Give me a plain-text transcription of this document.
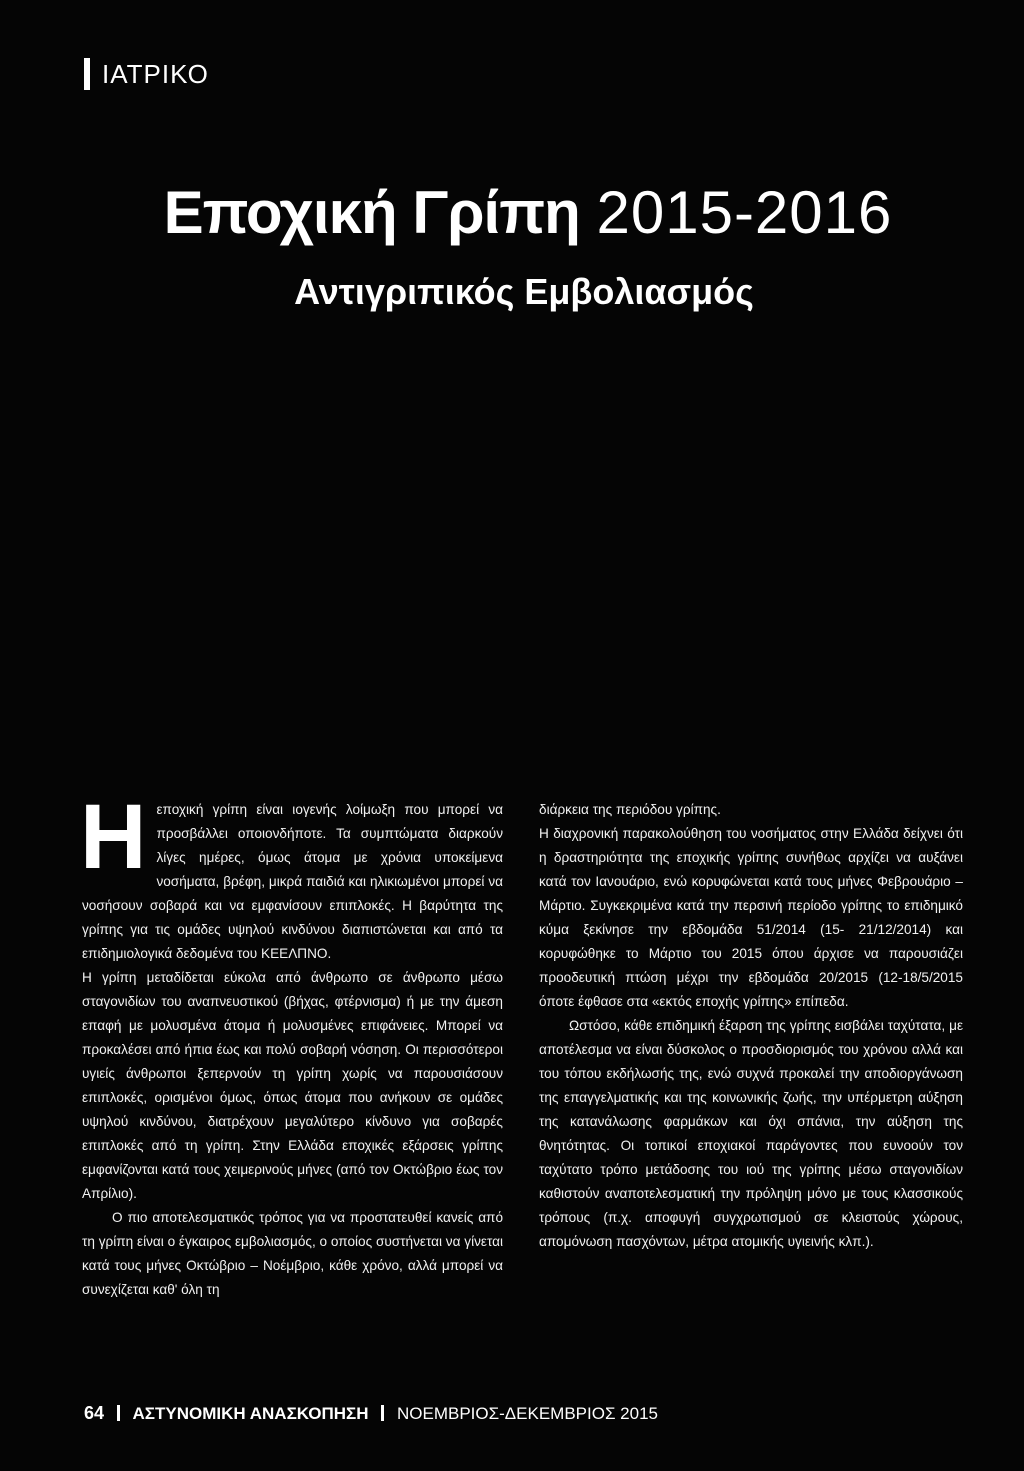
ΙΑΤΡΙΚΟ
Εποχική Γρίπη 2015-2016
Αντιγριπικός Εμβολιασμός
Η εποχική γρίπη είναι ιογενής λοίμωξη που μπορεί να προσβάλλει οποιονδήποτε. Τα συμπτώματα διαρκούν λίγες ημέρες, όμως άτομα με χρόνια υποκείμενα νοσήματα, βρέφη, μικρά παιδιά και ηλικιωμένοι μπορεί να νοσήσουν σοβαρά και να εμφανίσουν επιπλοκές. Η βαρύτητα της γρίπης για τις ομάδες υψηλού κινδύνου διαπιστώνεται και από τα επιδημιολογικά δεδομένα του ΚΕΕΛΠΝΟ.

Η γρίπη μεταδίδεται εύκολα από άνθρωπο σε άνθρωπο μέσω σταγονιδίων του αναπνευστικού (βήχας, φτέρνισμα) ή με την άμεση επαφή με μολυσμένα άτομα ή μολυσμένες επιφάνειες. Μπορεί να προκαλέσει από ήπια έως και πολύ σοβαρή νόσηση. Οι περισσότεροι υγιείς άνθρωποι ξεπερνούν τη γρίπη χωρίς να παρουσιάσουν επιπλοκές, ορισμένοι όμως, όπως άτομα που ανήκουν σε ομάδες υψηλού κινδύνου, διατρέχουν μεγαλύτερο κίνδυνο για σοβαρές επιπλοκές από τη γρίπη. Στην Ελλάδα εποχικές εξάρσεις γρίπης εμφανίζονται κατά τους χειμερινούς μήνες (από τον Οκτώβριο έως τον Απρίλιο).

Ο πιο αποτελεσματικός τρόπος για να προστατευθεί κανείς από τη γρίπη είναι ο έγκαιρος εμβολιασμός, ο οποίος συστήνεται να γίνεται κατά τους μήνες Οκτώβριο – Νοέμβριο, κάθε χρόνο, αλλά μπορεί να συνεχίζεται καθ' όλη τη

διάρκεια της περιόδου γρίπης.

Η διαχρονική παρακολούθηση του νοσήματος στην Ελλάδα δείχνει ότι η δραστηριότητα της εποχικής γρίπης συνήθως αρχίζει να αυξάνει κατά τον Ιανουάριο, ενώ κορυφώνεται κατά τους μήνες Φεβρουάριο – Μάρτιο. Συγκεκριμένα κατά την περσινή περίοδο γρίπης το επιδημικό κύμα ξεκίνησε την εβδομάδα 51/2014 (15- 21/12/2014) και κορυφώθηκε το Μάρτιο του 2015 όπου άρχισε να παρουσιάζει προοδευτική πτώση μέχρι την εβδομάδα 20/2015 (12-18/5/2015 όποτε έφθασε στα «εκτός εποχής γρίπης» επίπεδα.

Ωστόσο, κάθε επιδημική έξαρση της γρίπης εισβάλει ταχύτατα, με αποτέλεσμα να είναι δύσκολος ο προσδιορισμός του χρόνου αλλά και του τόπου εκδήλωσής της, ενώ συχνά προκαλεί την αποδιοργάνωση της επαγγελματικής και της κοινωνικής ζωής, την υπέρμετρη αύξηση της κατανάλωσης φαρμάκων και όχι σπάνια, την αύξηση της θνητότητας. Οι τοπικοί εποχιακοί παράγοντες που ευνοούν τον ταχύτατο τρόπο μετάδοσης του ιού της γρίπης μέσω σταγονιδίων καθιστούν αναποτελεσματική την πρόληψη μόνο με τους κλασσικούς τρόπους (π.χ. αποφυγή συγχρωτισμού σε κλειστούς χώρους, απομόνωση πασχόντων, μέτρα ατομικής υγιεινής κλπ.).

64 ΑΣΤΥΝΟΜΙΚΗ ΑΝΑΣΚΟΠΗΣΗ ΝΟΕΜΒΡΙΟΣ-ΔΕΚΕΜΒΡΙΟΣ 2015
